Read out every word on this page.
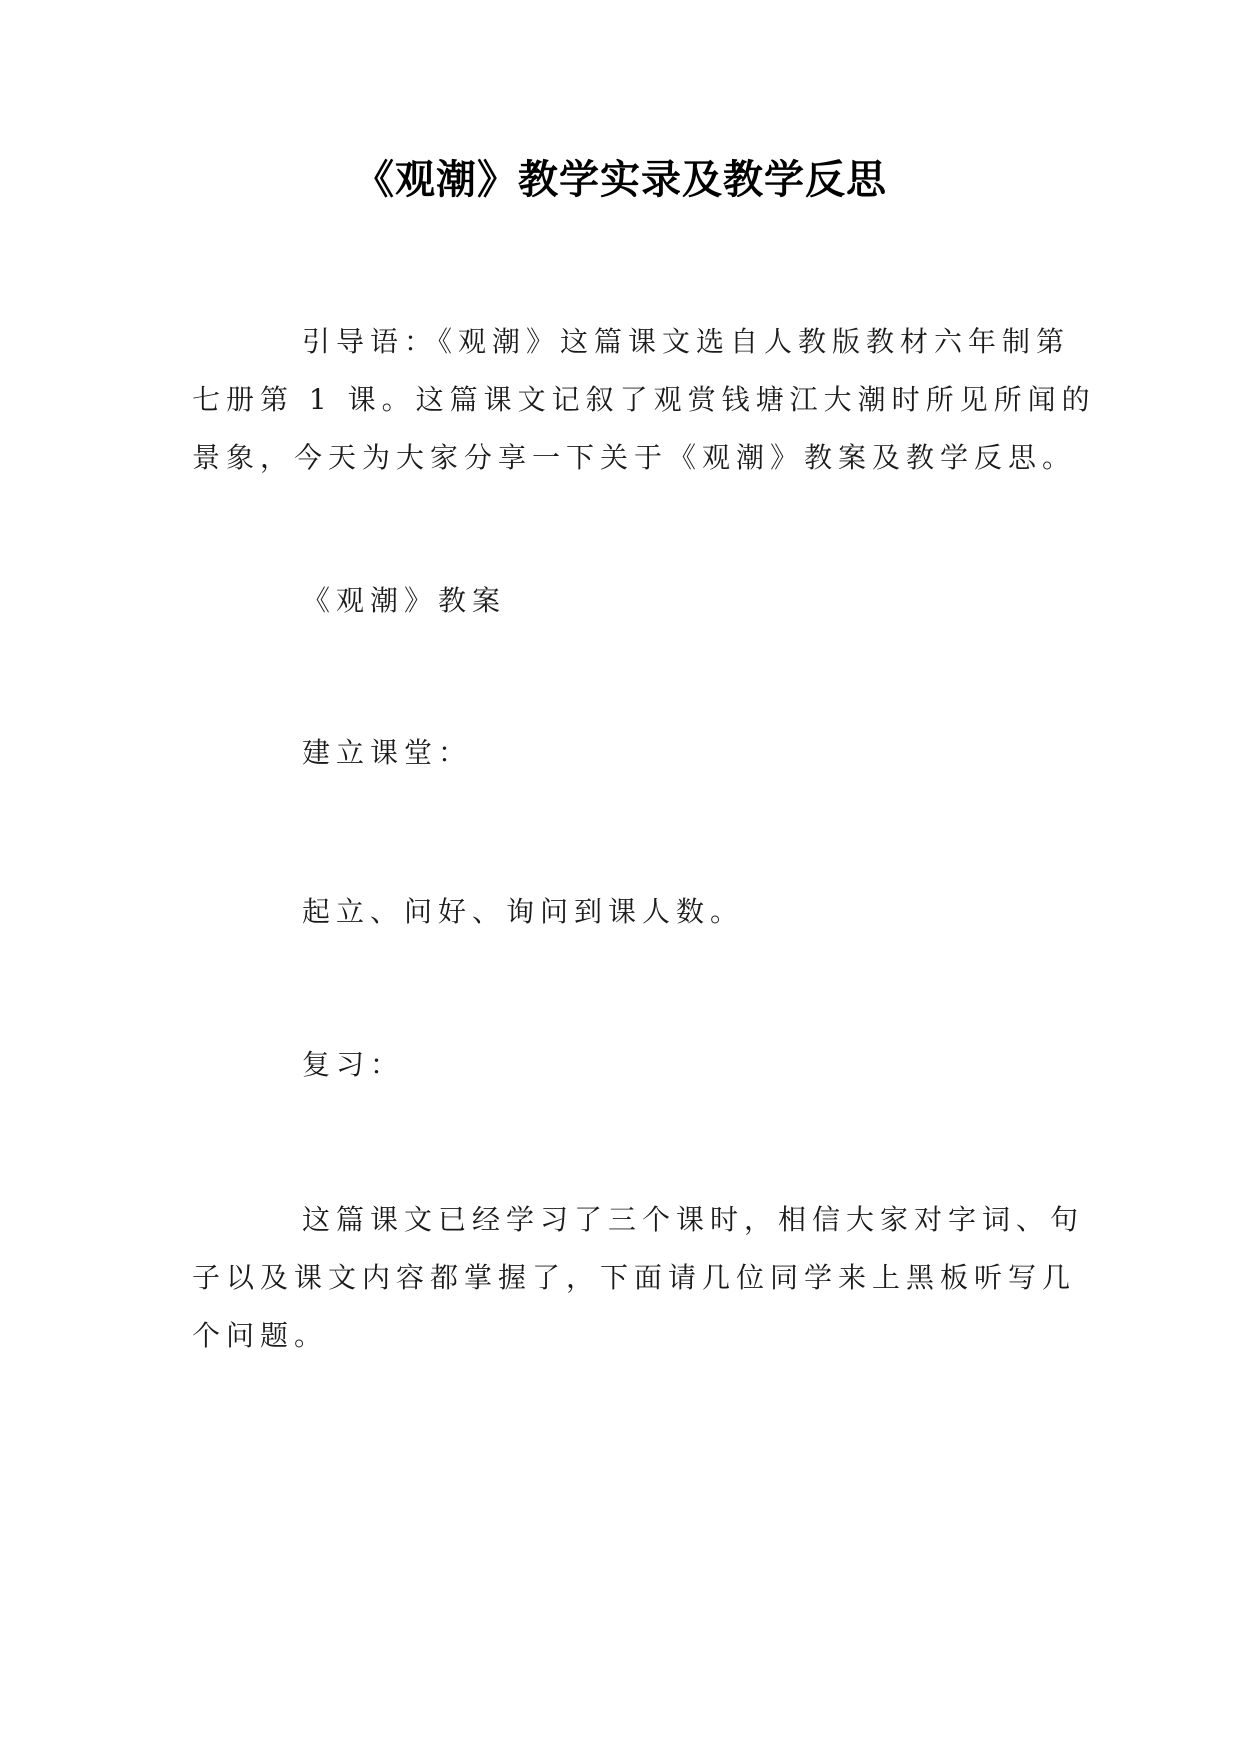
《观潮》教学实录及教学反思
引导语：《观潮》这篇课文选自人教版教材六年制第
七册第 1 课。这篇课文记叙了观赏钱塘江大潮时所见所闻的
景象，今天为大家分享一下关于《观潮》教案及教学反思。
《观潮》教案
建立课堂：
起立、问好、询问到课人数。
复习：
这篇课文已经学习了三个课时，相信大家对字词、句
子以及课文内容都掌握了，下面请几位同学来上黑板听写几
个问题。
